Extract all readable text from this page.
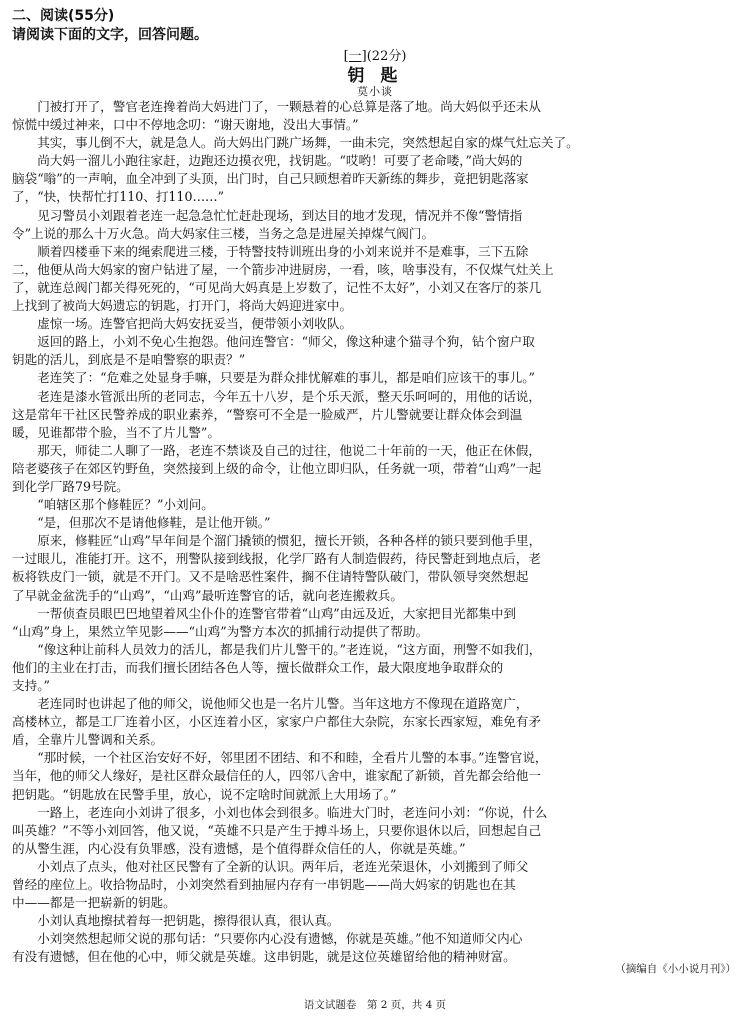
二、阅读(55分)
请阅读下面的文字，回答问题。
[一](22分)
钥 匙
莫小谈
　　门被打开了，警官老连搀着尚大妈进门了，一颗悬着的心总算是落了地。尚大妈似乎还未从
惊慌中缓过神来，口中不停地念叨：“谢天谢地，没出大事情。”
　　其实，事儿倒不大，就是急人。尚大妈出门跳广场舞，一曲未完，突然想起自家的煤气灶忘关了。
　　尚大妈一溜儿小跑往家赶，边跑还边摸衣兜，找钥匙。“哎哟！可要了老命喽，”尚大妈的
脑袋“嗡”的一声响，血全冲到了头顶，出门时，自己只顾想着昨天新练的舞步，竟把钥匙落家
了，“快，快帮忙打110、打110……”
　　见习警员小刘跟着老连一起急急忙忙赶赴现场，到达目的地才发现，情况并不像“警情指
令”上说的那么十万火急。尚大妈家住三楼，当务之急是进屋关掉煤气阀门。
　　顺着四楼垂下来的绳索爬进三楼，于特警技特训班出身的小刘来说并不是难事，三下五除
二，他便从尚大妈家的窗户钻进了屋，一个箭步冲进厨房，一看，咳，啥事没有，不仅煤气灶关上
了，就连总阀门都关得死死的，“可见尚大妈真是上岁数了，记性不太好”，小刘又在客厅的茶几
上找到了被尚大妈遗忘的钥匙，打开门，将尚大妈迎进家中。
　　虚惊一场。连警官把尚大妈安抚妥当，便带领小刘收队。
　　返回的路上，小刘不免心生抱怨。他问连警官：“师父，像这种逮个猫寻个狗，钻个窗户取
钥匙的活儿，到底是不是咱警察的职责？”
　　老连笑了：“危难之处显身手嘛，只要是为群众排忧解难的事儿，都是咱们应该干的事儿。”
　　老连是漆水管派出所的老同志，今年五十八岁，是个乐天派，整天乐呵呵的，用他的话说，
这是常年干社区民警养成的职业素养，“警察可不全是一脸威严，片儿警就要让群众体会到温
暖，见谁都带个脸，当不了片儿警”。
　　那天，师徒二人聊了一路，老连不禁谈及自己的过往，他说二十年前的一天，他正在休假，
陪老婆孩子在郊区钓野鱼，突然接到上级的命令，让他立即归队，任务就一项，带着“山鸡”一起
到化学厂路79号院。
　　“咱辖区那个修鞋匠？”小刘问。
　　“是，但那次不是请他修鞋，是让他开锁。”
　　原来，修鞋匠“山鸡”早年间是个溜门撬锁的惯犯，擅长开锁，各种各样的锁只要到他手里，
一过眼儿，准能打开。这不，刑警队接到线报，化学厂路有人制造假药，待民警赶到地点后，老
板将铁皮门一锁，就是不开门。又不是啥恶性案件，搁不住请特警队破门，带队领导突然想起
了早就金盆洗手的“山鸡”，“山鸡”最听连警官的话，就向老连搬救兵。
　　一帮侦查员眼巴巴地望着风尘仆仆的连警官带着“山鸡”由远及近，大家把目光都集中到
“山鸡”身上，果然立竿见影——“山鸡”为警方本次的抓捕行动提供了帮助。
　　“像这种让前科人员效力的活儿，都是我们片儿警干的。”老连说，“这方面，刑警不如我们，
他们的主业在打击，而我们擅长团结各色人等，擅长做群众工作，最大限度地争取群众的
支持。”
　　老连同时也讲起了他的师父，说他师父也是一名片儿警。当年这地方不像现在道路宽广，
高楼林立，都是工厂连着小区，小区连着小区，家家户户都住大杂院，东家长西家短，难免有矛
盾，全靠片儿警调和关系。
　　“那时候，一个社区治安好不好，邻里团不团结、和不和睦，全看片儿警的本事。”连警官说，
当年，他的师父人缘好，是社区群众最信任的人，四邻八舍中，谁家配了新锁，首先都会给他一
把钥匙。“钥匙放在民警手里，放心，说不定啥时间就派上大用场了。”
　　一路上，老连向小刘讲了很多，小刘也体会到很多。临进大门时，老连问小刘：“你说，什么
叫英雄？”不等小刘回答，他又说，“英雄不只是产生于搏斗场上，只要你退休以后，回想起自己
的从警生涯，内心没有负罪感，没有遗憾，是个值得群众信任的人，你就是英雄。”
　　小刘点了点头，他对社区民警有了全新的认识。两年后，老连光荣退休，小刘搬到了师父
曾经的座位上。收拾物品时，小刘突然看到抽屉内存有一串钥匙——尚大妈家的钥匙也在其
中——都是一把崭新的钥匙。
　　小刘认真地擦拭着每一把钥匙，擦得很认真，很认真。
　　小刘突然想起师父说的那句话：“只要你内心没有遗憾，你就是英雄。”他不知道师父内心
有没有遗憾，但在他的心中，师父就是英雄。这串钥匙，就是这位英雄留给他的精神财富。
（摘编自《小小说月刊》）
语文试题卷　第 2 页，共 4 页
